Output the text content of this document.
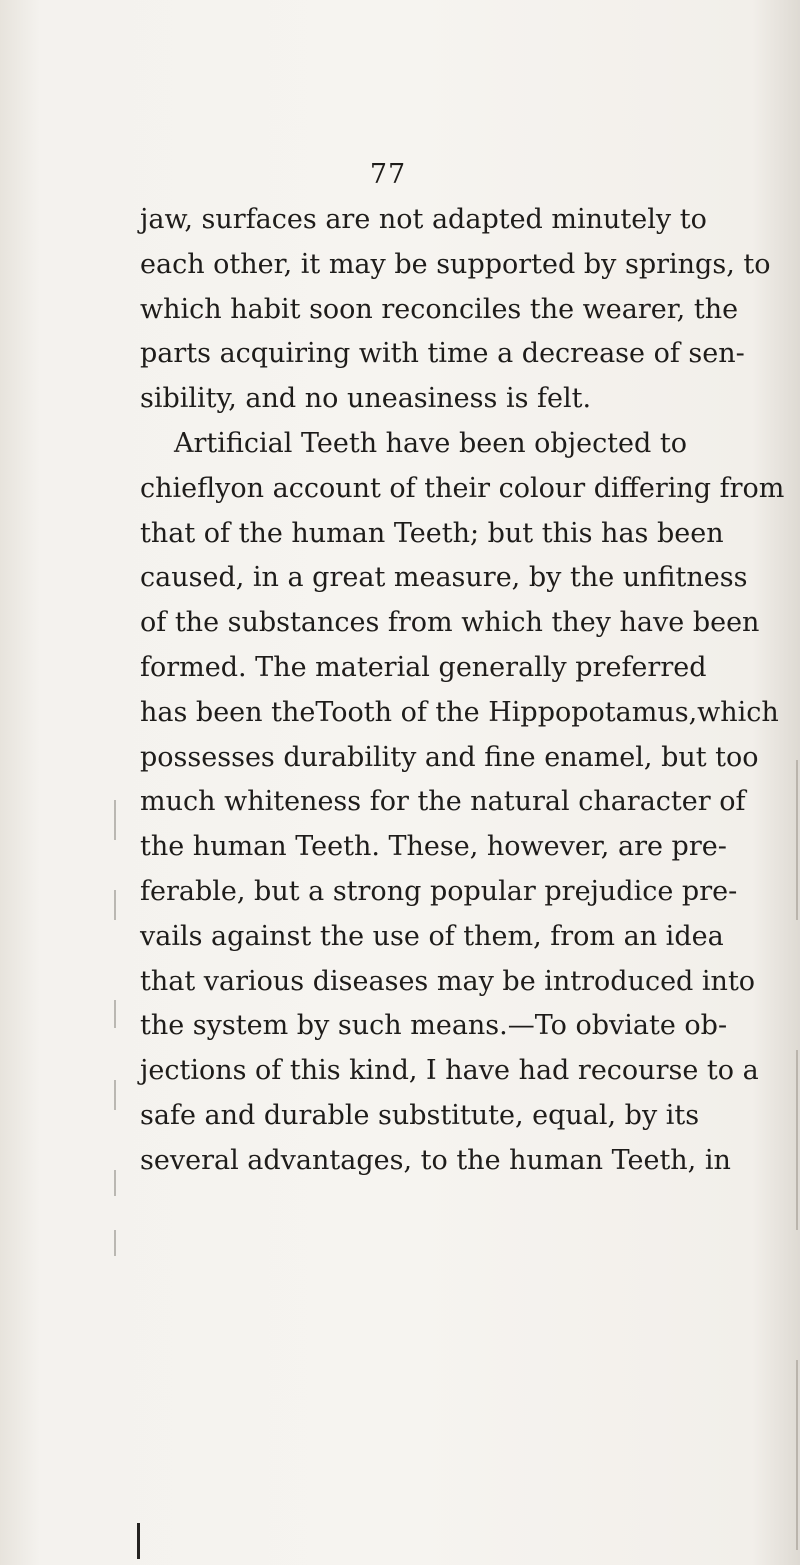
77
jaw, surfaces are not adapted minutely to
each other, it may be supported by springs, to
which habit soon reconciles the wearer, the
parts acquiring with time a decrease of sen-
sibility, and no uneasiness is felt.
Artificial Teeth have been objected to
chieflyon account of their colour differing from
that of the human Teeth; but this has been
caused, in a great measure, by the unfitness
of the substances from which they have been
formed. The material generally preferred
has been theTooth of the Hippopotamus,which
possesses durability and fine enamel, but too
much whiteness for the natural character of
the human Teeth. These, however, are pre-
ferable, but a strong popular prejudice pre-
vails against the use of them, from an idea
that various diseases may be introduced into
the system by such means.—To obviate ob-
jections of this kind, I have had recourse to a
safe and durable substitute, equal, by its
several advantages, to the human Teeth, in
